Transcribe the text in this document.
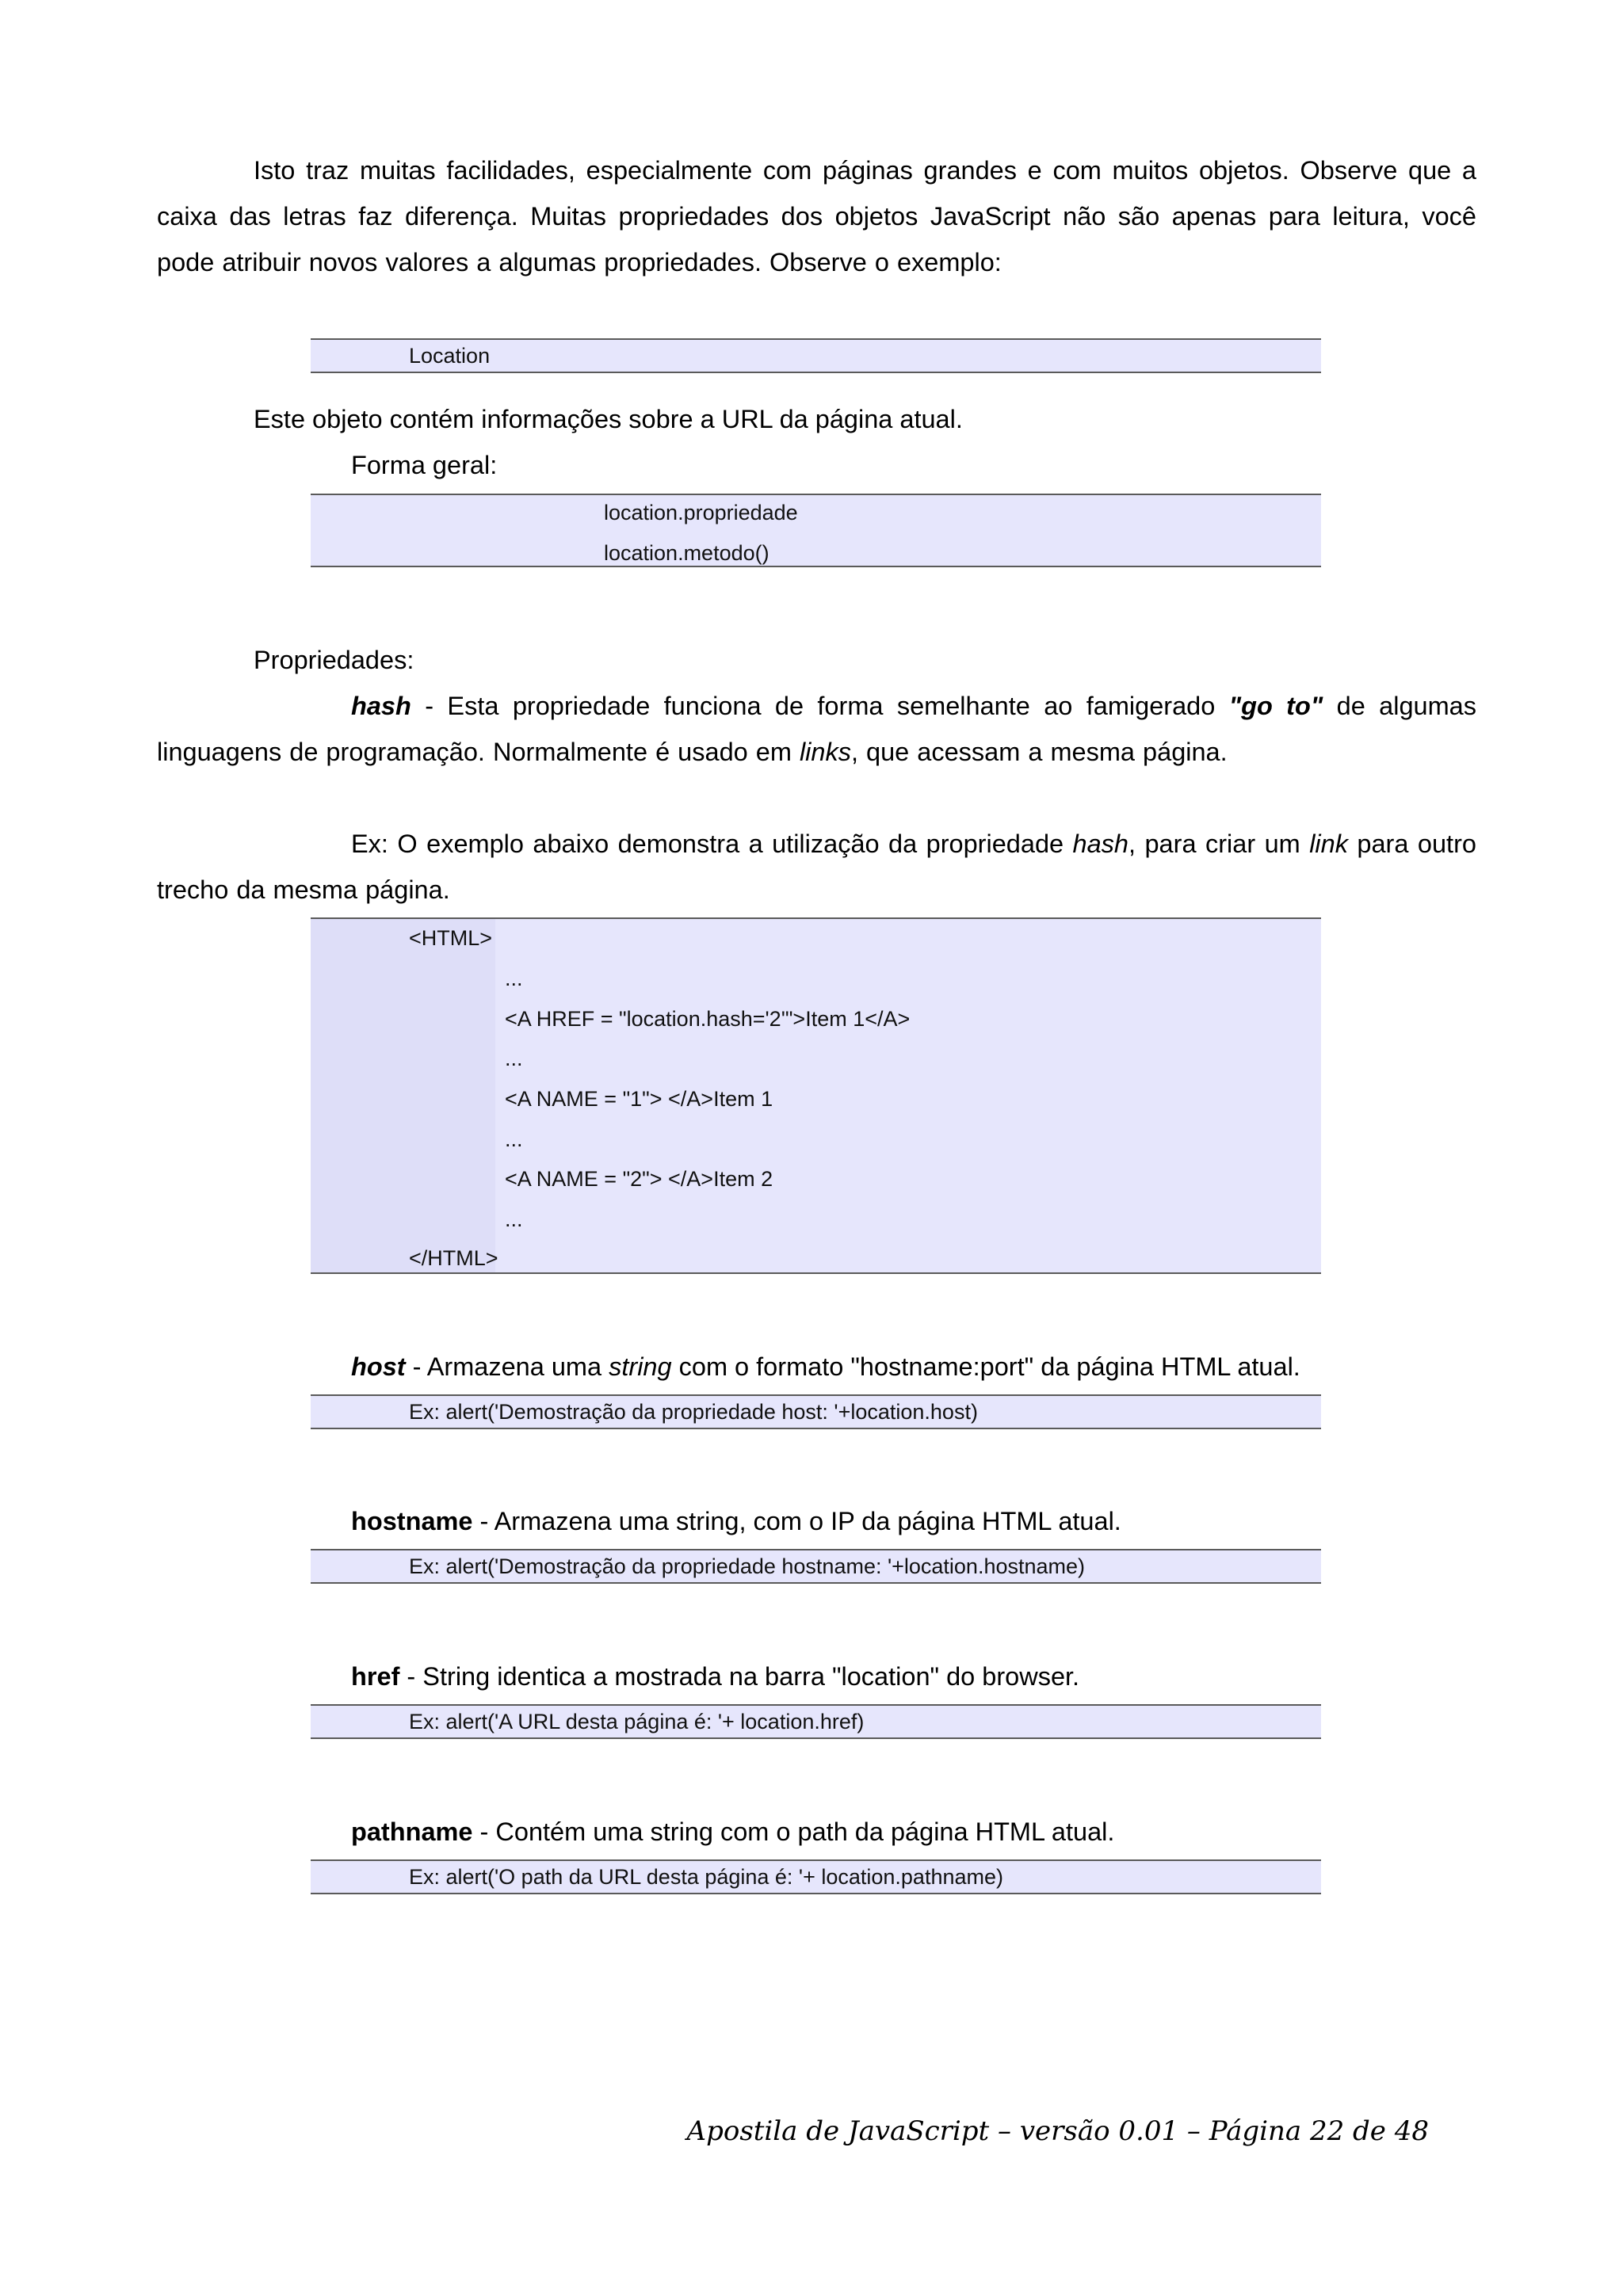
Isto traz muitas facilidades, especialmente com páginas grandes e com muitos objetos. Observe que a caixa das letras faz diferença. Muitas propriedades dos objetos JavaScript não são apenas para leitura, você pode atribuir novos valores a algumas propriedades. Observe o exemplo:

Location

Este objeto contém informações sobre a URL da página atual.

Forma geral:

location.propriedade
location.metodo()

Propriedades:

hash - Esta propriedade funciona de forma semelhante ao famigerado "go to" de algumas linguagens de programação. Normalmente é usado em links, que acessam a mesma página.

Ex: O exemplo abaixo demonstra a utilização da propriedade hash, para criar um link para outro trecho da mesma página.

<HTML>
...
<A HREF = "location.hash='2'">Item 1</A>
...
<A NAME = "1"> </A>Item 1
...
<A NAME = "2"> </A>Item 2
...
</HTML>

host - Armazena uma string com o formato "hostname:port" da página HTML atual.

Ex: alert('Demostração da propriedade host: '+location.host)

hostname - Armazena uma string, com o IP da página HTML atual.

Ex: alert('Demostração da propriedade hostname: '+location.hostname)

href - String identica a mostrada na barra "location" do browser.

Ex: alert('A URL desta página é: '+ location.href)

pathname - Contém uma string com o path da página HTML atual.

Ex: alert('O path da URL desta página é: '+ location.pathname)
Apostila de JavaScript – versão 0.01 – Página 22 de 48
